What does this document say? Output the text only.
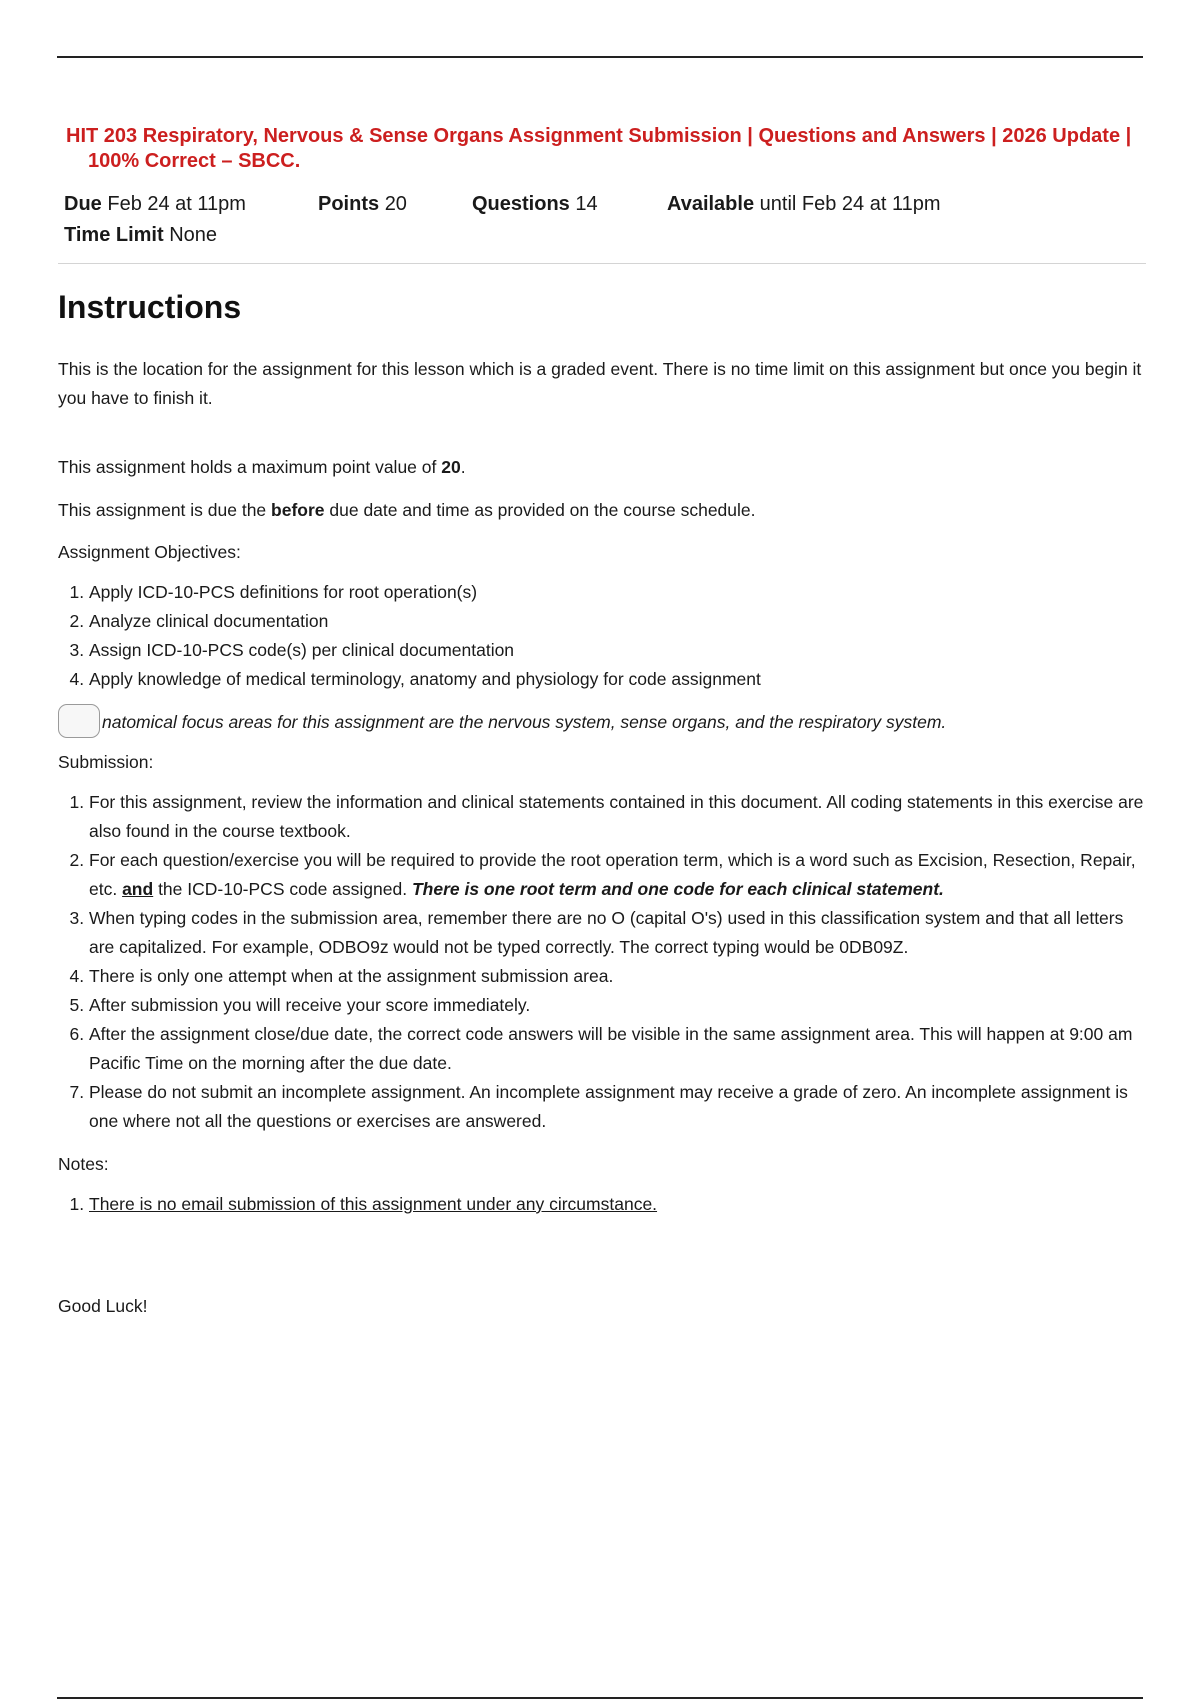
HIT 203 Respiratory, Nervous & Sense Organs Assignment Submission | Questions and Answers | 2026 Update | 100% Correct – SBCC.
Due Feb 24 at 11pm	Points 20	Questions 14	Available until Feb 24 at 11pm
Time Limit None
Instructions

This is the location for the assignment for this lesson which is a graded event. There is no time limit on this assignment but once you begin it you have to finish it.

This assignment holds a maximum point value of 20.

This assignment is due the before due date and time as provided on the course schedule.

Assignment Objectives:

1. Apply ICD-10-PCS definitions for root operation(s)
2. Analyze clinical documentation
3. Assign ICD-10-PCS code(s) per clinical documentation
4. Apply knowledge of medical terminology, anatomy and physiology for code assignment
natomical focus areas for this assignment are the nervous system, sense organs, and the respiratory system.

Submission:

1. For this assignment, review the information and clinical statements contained in this document. All coding statements in this exercise are also found in the course textbook.
2. For each question/exercise you will be required to provide the root operation term, which is a word such as Excision, Resection, Repair, etc. and the ICD-10-PCS code assigned. There is one root term and one code for each clinical statement.
3. When typing codes in the submission area, remember there are no O (capital O's) used in this classification system and that all letters are capitalized. For example, ODBO9z would not be typed correctly. The correct typing would be 0DB09Z.
4. There is only one attempt when at the assignment submission area.
5. After submission you will receive your score immediately.
6. After the assignment close/due date, the correct code answers will be visible in the same assignment area. This will happen at 9:00 am Pacific Time on the morning after the due date.
7. Please do not submit an incomplete assignment. An incomplete assignment may receive a grade of zero. An incomplete assignment is one where not all the questions or exercises are answered.

Notes:

1. There is no email submission of this assignment under any circumstance.

Good Luck!
